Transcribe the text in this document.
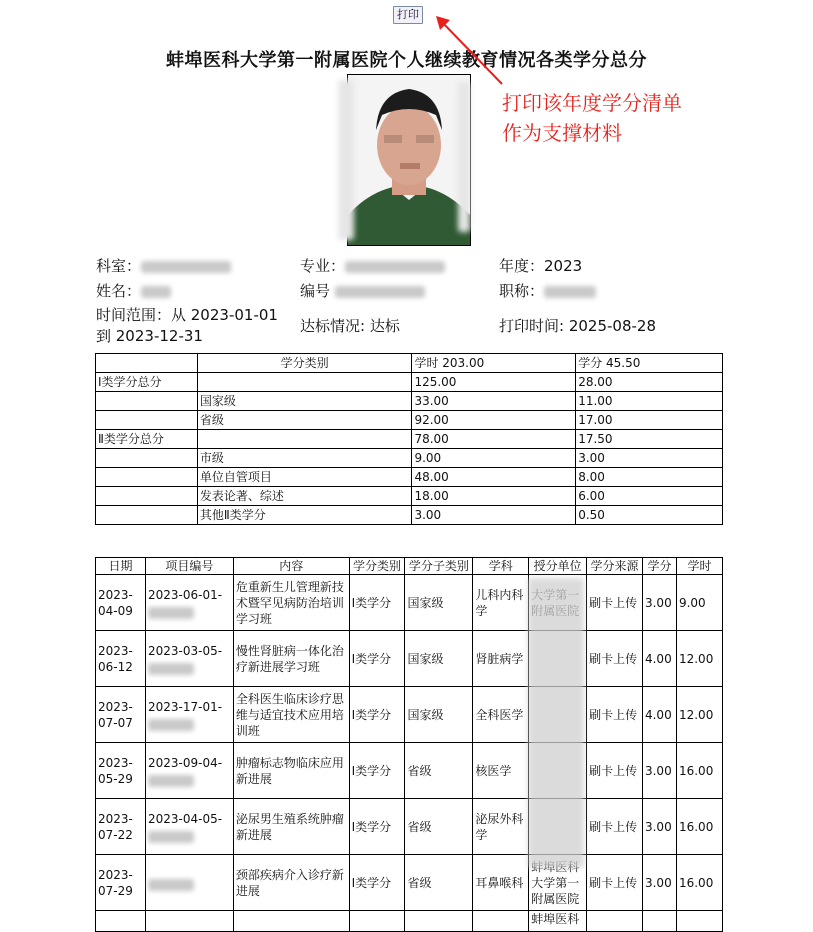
打印
蚌埠医科大学第一附属医院个人继续教育情况各类学分总分
打印该年度学分清单
作为支撑材料
科室：	专业：	年度：2023
姓名：	编号	职称：
时间范围：从 2023-01-01
到 2023-12-31
达标情况: 达标	打印时间: 2025-08-28
	学分类别	学时 203.00	学分 45.50
Ⅰ类学分总分		125.00	28.00
	国家级	33.00	11.00
	省级	92.00	17.00
Ⅱ类学分总分		78.00	17.50
	市级	9.00	3.00
	单位自管项目	48.00	8.00
	发表论著、综述	18.00	6.00
	其他Ⅱ类学分	3.00	0.50
日期	项目编号	内容	学分类别	学分子类别	学科	授分单位	学分来源	学分	学时
2023-
04-09	2023-06-01-	危重新生儿管理新技术暨罕见病防治培训学习班	Ⅰ类学分	国家级	儿科内科学		刷卡上传	3.00	9.00
2023-
06-12	2023-03-05-	慢性肾脏病一体化治疗新进展学习班	Ⅰ类学分	国家级	肾脏病学		刷卡上传	4.00	12.00
2023-
07-07	2023-17-01-	全科医生临床诊疗思维与适宜技术应用培训班	Ⅰ类学分	国家级	全科医学		刷卡上传	4.00	12.00
2023-
05-29	2023-09-04-	肿瘤标志物临床应用新进展	Ⅰ类学分	省级	核医学		刷卡上传	3.00	16.00
2023-
07-22	2023-04-05-	泌尿男生殖系统肿瘤新进展	Ⅰ类学分	省级	泌尿外科学		刷卡上传	3.00	16.00
2023-
07-29		颈部疾病介入诊疗新进展	Ⅰ类学分	省级	耳鼻喉科	大学第一附属医院	刷卡上传	3.00	16.00
						蚌埠医科			
